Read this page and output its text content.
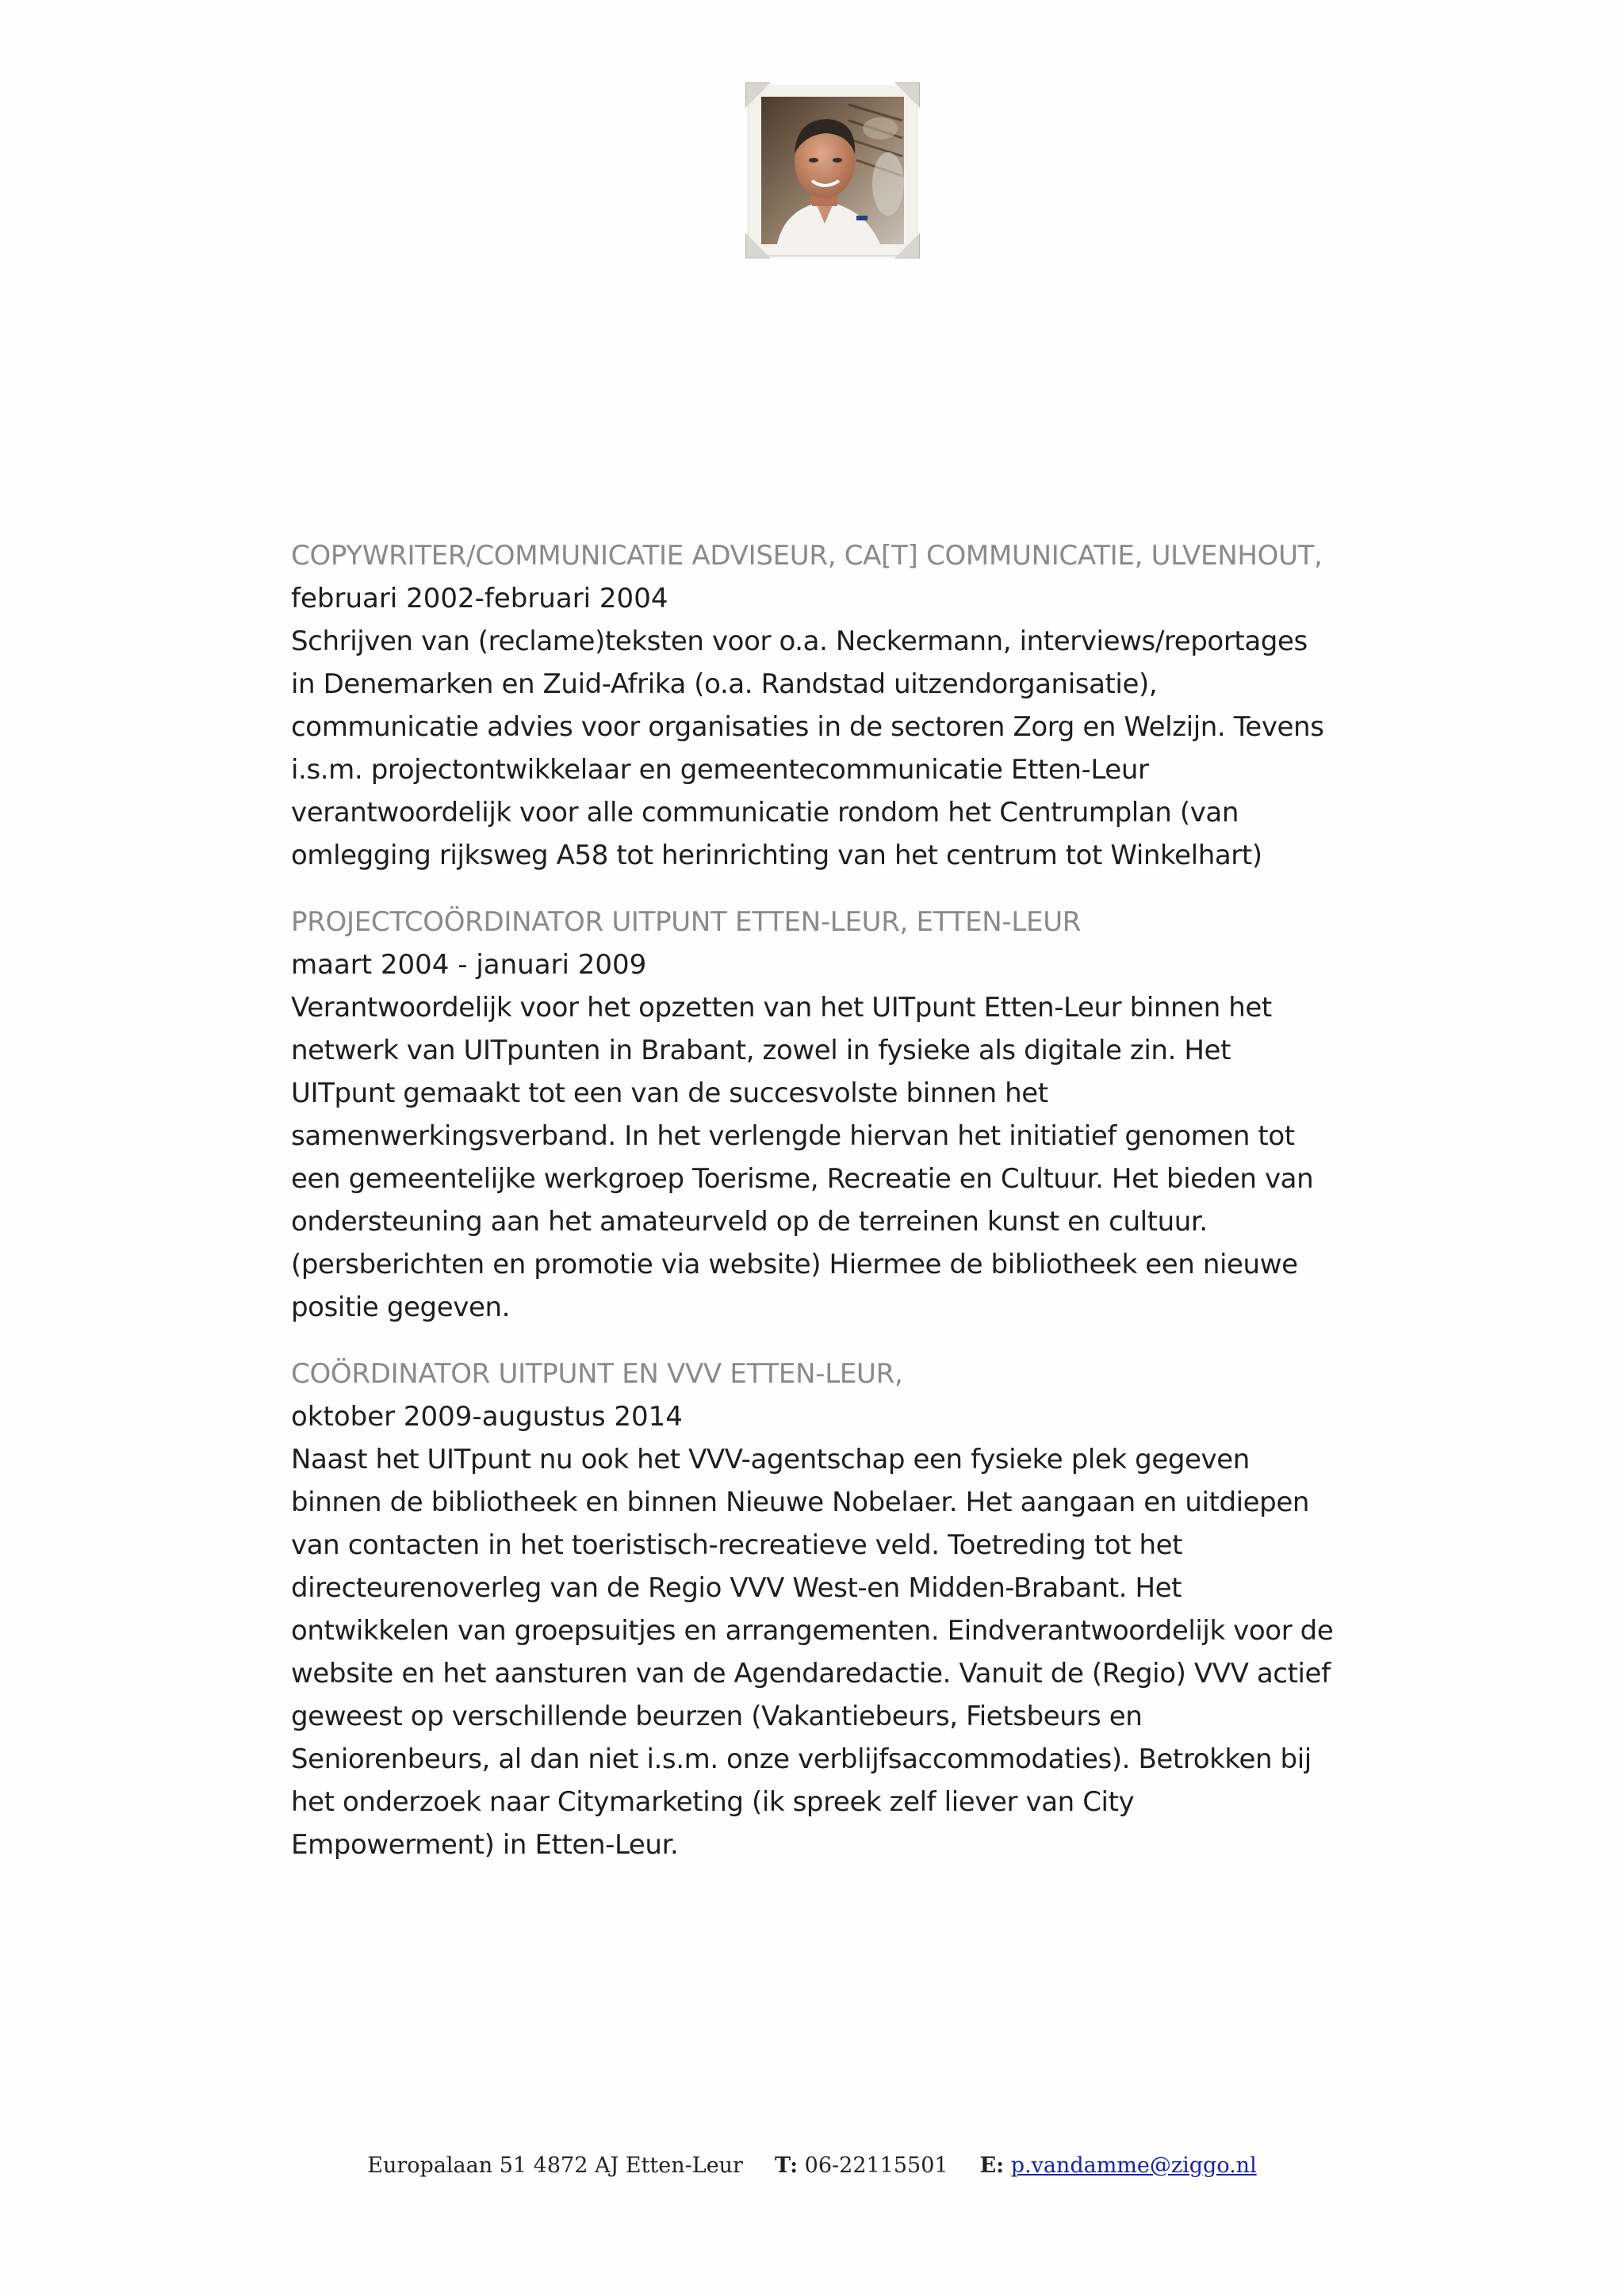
COPYWRITER/COMMUNICATIE ADVISEUR, CA[T] COMMUNICATIE, ULVENHOUT,

februari 2002-februari 2004

Schrijven van (reclame)teksten voor o.a. Neckermann, interviews/reportages in Denemarken en Zuid-Afrika (o.a. Randstad uitzendorganisatie), communicatie advies voor organisaties in de sectoren Zorg en Welzijn. Tevens i.s.m. projectontwikkelaar en gemeentecommunicatie Etten-Leur verantwoordelijk voor alle communicatie rondom het Centrumplan (van omlegging rijksweg A58 tot herinrichting van het centrum tot Winkelhart)

PROJECTCOÖRDINATOR UITPUNT ETTEN-LEUR, ETTEN-LEUR

maart 2004 - januari 2009

Verantwoordelijk voor het opzetten van het UITpunt Etten-Leur binnen het netwerk van UITpunten in Brabant, zowel in fysieke als digitale zin. Het UITpunt gemaakt tot een van de succesvolste binnen het samenwerkingsverband. In het verlengde hiervan het initiatief genomen tot een gemeentelijke werkgroep Toerisme, Recreatie en Cultuur. Het bieden van ondersteuning aan het amateurveld op de terreinen kunst en cultuur. (persberichten en promotie via website) Hiermee de bibliotheek een nieuwe positie gegeven.

COÖRDINATOR UITPUNT EN VVV ETTEN-LEUR,

oktober 2009-augustus 2014

Naast het UITpunt nu ook het VVV-agentschap een fysieke plek gegeven binnen de bibliotheek en binnen Nieuwe Nobelaer. Het aangaan en uitdiepen van contacten in het toeristisch-recreatieve veld. Toetreding tot het directeurenoverleg van de Regio VVV West-en Midden-Brabant. Het ontwikkelen van groepsuitjes en arrangementen. Eindverantwoordelijk voor de website en het aansturen van de Agendaredactie. Vanuit de (Regio) VVV actief geweest op verschillende beurzen (Vakantiebeurs, Fietsbeurs en Seniorenbeurs, al dan niet i.s.m. onze verblijfsaccommodaties). Betrokken bij het onderzoek naar Citymarketing (ik spreek zelf liever van City Empowerment) in Etten-Leur.

Europalaan 51 4872 AJ Etten-Leur T: 06-22115501 E: p.vandamme@ziggo.nl
